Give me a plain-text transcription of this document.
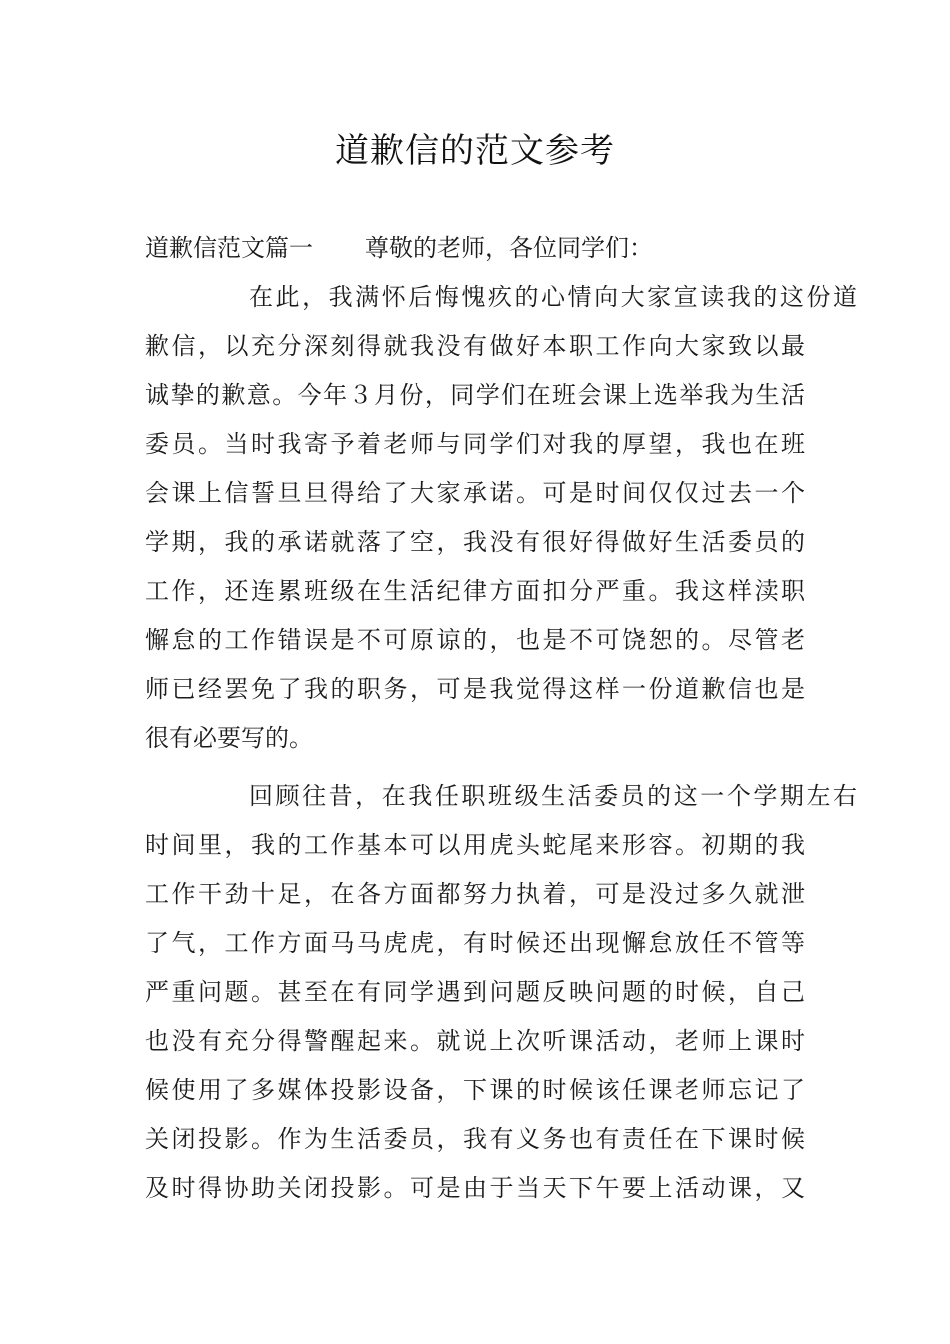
道歉信的范文参考
道歉信范文篇一 尊敬的老师，各位同学们：
在此，我满怀后悔愧疚的心情向大家宣读我的这份道
歉信，以充分深刻得就我没有做好本职工作向大家致以最
诚挚的歉意。今年３月份，同学们在班会课上选举我为生活
委员。当时我寄予着老师与同学们对我的厚望，我也在班
会课上信誓旦旦得给了大家承诺。可是时间仅仅过去一个
学期，我的承诺就落了空，我没有很好得做好生活委员的
工作，还连累班级在生活纪律方面扣分严重。我这样渎职
懈怠的工作错误是不可原谅的，也是不可饶恕的。尽管老
师已经罢免了我的职务，可是我觉得这样一份道歉信也是
很有必要写的。
回顾往昔，在我任职班级生活委员的这一个学期左右
时间里，我的工作基本可以用虎头蛇尾来形容。初期的我
工作干劲十足，在各方面都努力执着，可是没过多久就泄
了气，工作方面马马虎虎，有时候还出现懈怠放任不管等
严重问题。甚至在有同学遇到问题反映问题的时候，自己
也没有充分得警醒起来。就说上次听课活动，老师上课时
候使用了多媒体投影设备，下课的时候该任课老师忘记了
关闭投影。作为生活委员，我有义务也有责任在下课时候
及时得协助关闭投影。可是由于当天下午要上活动课，又
